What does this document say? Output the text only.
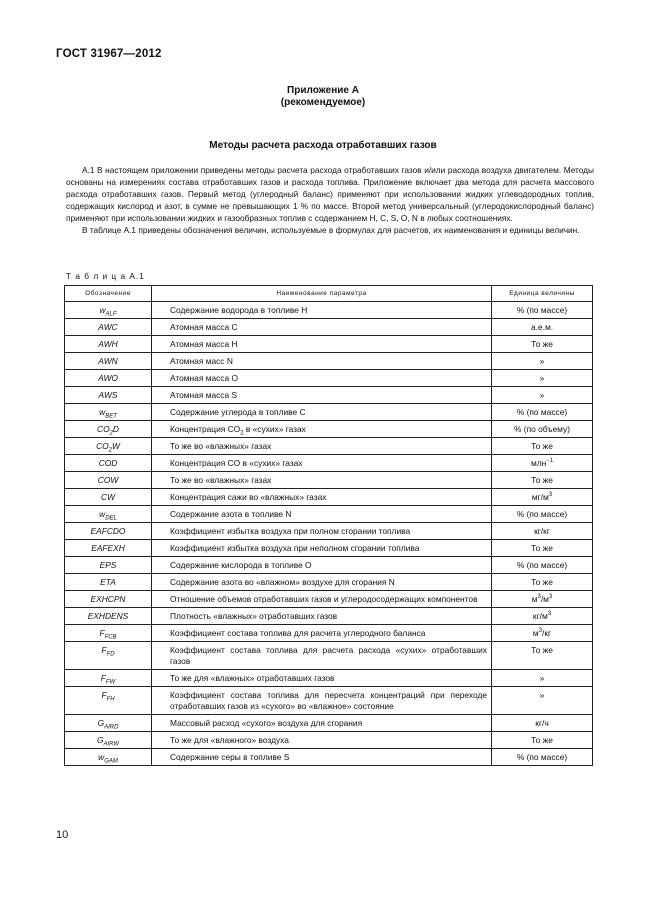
ГОСТ 31967—2012
Приложение А
(рекомендуемое)
Методы расчета расхода отработавших газов

А.1 В настоящем приложении приведены методы расчета расхода отработавших газов и/или расхода воздуха двигателем. Методы основаны на измерениях состава отработавших газов и расхода топлива. Приложение включает два метода для расчета массового расхода отработавших газов. Первый метод (углеродный баланс) применяют при использовании жидких углеводородных топлив, содержащих кислород и азот, в сумме не превышающих 1 % по массе. Второй метод универсальный (углеродокислородный баланс) применяют при использовании жидких и газообразных топлив с содержанием H, C, S, O, N в любых соотношениях.

В таблице А.1 приведены обозначения величин, используемые в формулах для расчетов, их наименования и единицы величин.

Т а б л и ц а А.1
Обозначение	Наименование параметра	Единица величины
$w_{ALF}$	Содержание водорода в топливе H	% (по массе)
AWC	Атомная масса С	а.е.м.
AWH	Атомная масса H	То же
AWN	Атомная масс N	»
AWO	Атомная масса O	»
AWS	Атомная масса S	»
$w_{BET}$	Содержание углерода в топливе С	% (по массе)
$CO_2D$	Концентрация $CO_2$ в «сухих» газах	% (по объему)
$CO_2W$	То же во «влажных» газах	То же
COD	Концентрация CO в «сухих» газах	млн$^{-1}$
COW	То же во «влажных» газах	То же
CW	Концентрация сажи во «влажных» газах	$мг/м^3$
$w_{DEL}$	Содержание азота в топливе N	% (по массе)
EAFCDO	Коэффициент избытка воздуха при полном сгорании топлива	кг/кг
EAFEXH	Коэффициент избытка воздуха при неполном сгорании топлива	То же
EPS	Содержание кислорода в топливе O	% (по массе)
ETA	Содержание азота во «влажном» воздухе для сгорания N	То же
EXHCPN	Отношение объемов отработавших газов и углеродосодержащих компонентов	$м^3/м^3$
EXHDENS	Плотность «влажных» отработавших газов	$кг/м^3$
$F_{FCB}$	Коэффициент состава топлива для расчета углеродного баланса	$м^3/кг$
$F_{FD}$	Коэффициент состава топлива для расчета расхода «сухих» отработавших газов	То же
$F_{FW}$	То же для «влажных» отработавших газов	»
$F_{FH}$	Коэффициент состава топлива для пересчета концентраций при переходе отработавших газов из «сухого» во «влажное» состояние	»
$G_{AIRD}$	Массовый расход «сухого» воздуха для сгорания	кг/ч
$G_{AIRW}$	То же для «влажного» воздуха	То же
$w_{GAM}$	Содержание серы в топливе S	% (по массе)
10
